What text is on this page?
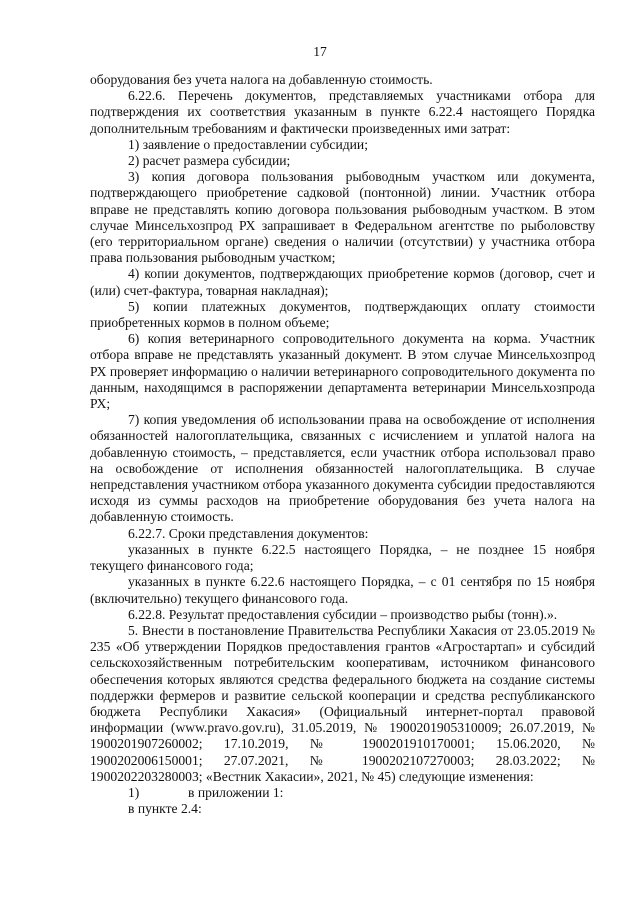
17

оборудования без учета налога на добавленную стоимость.

6.22.6. Перечень документов, представляемых участниками отбора для подтверждения их соответствия указанным в пункте 6.22.4 настоящего Порядка дополнительным требованиям и фактически произведенных ими затрат:

1) заявление о предоставлении субсидии;

2) расчет размера субсидии;

3) копия договора пользования рыбоводным участком или документа, подтверждающего приобретение садковой (понтонной) линии. Участник отбора вправе не представлять копию договора пользования рыбоводным участком. В этом случае Минсельхозпрод РХ запрашивает в Федеральном агентстве по рыболовству (его территориальном органе) сведения о наличии (отсутствии) у участника отбора права пользования рыбоводным участком;

4) копии документов, подтверждающих приобретение кормов (договор, счет и (или) счет-фактура, товарная накладная);

5) копии платежных документов, подтверждающих оплату стоимости приобретенных кормов в полном объеме;

6) копия ветеринарного сопроводительного документа на корма. Участник отбора вправе не представлять указанный документ. В этом случае Минсельхозпрод РХ проверяет информацию о наличии ветеринарного сопроводительного документа по данным, находящимся в распоряжении департамента ветеринарии Минсельхозпрода РХ;

7) копия уведомления об использовании права на освобождение от исполнения обязанностей налогоплательщика, связанных с исчислением и уплатой налога на добавленную стоимость, – представляется, если участник отбора использовал право на освобождение от исполнения обязанностей налогоплательщика. В случае непредставления участником отбора указанного документа субсидии предоставляются исходя из суммы расходов на приобретение оборудования без учета налога на добавленную стоимость.

6.22.7. Сроки представления документов:

указанных в пункте 6.22.5 настоящего Порядка, – не позднее 15 ноября текущего финансового года;

указанных в пункте 6.22.6 настоящего Порядка, – с 01 сентября по 15 ноября (включительно) текущего финансового года.

6.22.8. Результат предоставления субсидии – производство рыбы (тонн).».

5. Внести в постановление Правительства Республики Хакасия от 23.05.2019 № 235 «Об утверждении Порядков предоставления грантов «Агростартап» и субсидий сельскохозяйственным потребительским кооперативам, источником финансового обеспечения которых являются средства федерального бюджета на создание системы поддержки фермеров и развитие сельской кооперации и средства республиканского бюджета Республики Хакасия» (Официальный интернет-портал правовой информации (www.pravo.gov.ru), 31.05.2019, № 1900201905310009; 26.07.2019, № 1900201907260002; 17.10.2019, № 1900201910170001; 15.06.2020, № 1900202006150001; 27.07.2021, № 1900202107270003; 28.03.2022; № 1900202203280003; «Вестник Хакасии», 2021, № 45) следующие изменения:

1)	в приложении 1:

в пункте 2.4:
